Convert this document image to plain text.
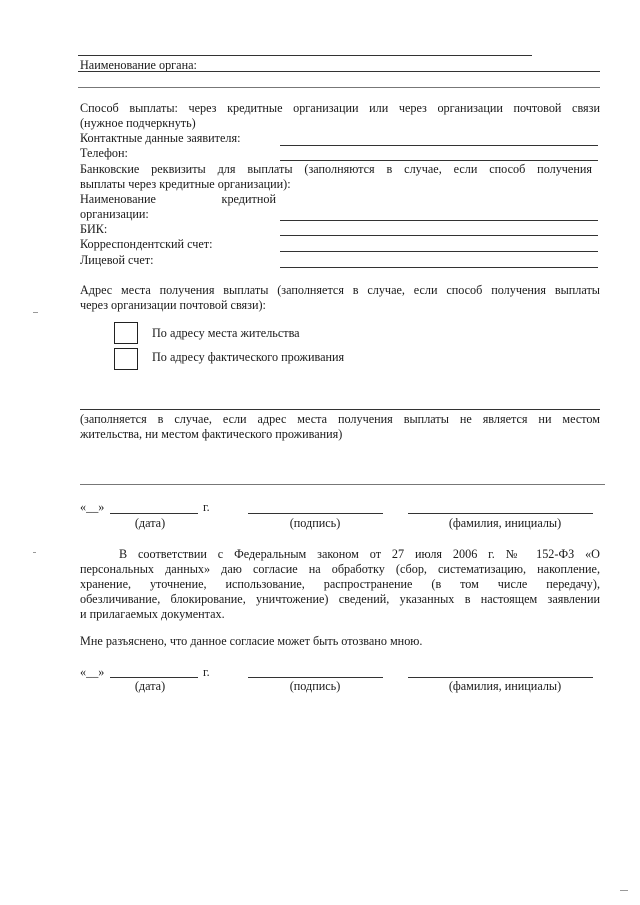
Наименование органа:
Способ выплаты: через кредитные организации или через организации почтовой связи
(нужное подчеркнуть)
Контактные данные заявителя:
Телефон:
Банковские реквизиты для выплаты (заполняются в случае, если способ получения
выплаты через кредитные организации):
Наименование кредитной
организации:
БИК:
Корреспондентский счет:
Лицевой счет:
Адрес места получения выплаты (заполняется в случае, если способ получения выплаты
через организации почтовой связи):
По адресу места жительства
По адресу фактического проживания
(заполняется в случае, если адрес места получения выплаты не является ни местом
жительства, ни местом фактического проживания)
«__»	г.
(дата)	(подпись)	(фамилия, инициалы)
В соответствии с Федеральным законом от 27 июля 2006 г. № 152-ФЗ «О
персональных данных» даю согласие на обработку (сбор, систематизацию, накопление,
хранение, уточнение, использование, распространение (в том числе передачу),
обезличивание, блокирование, уничтожение) сведений, указанных в настоящем заявлении
и прилагаемых документах.
Мне разъяснено, что данное согласие может быть отозвано мною.
«__»	г.
(дата)	(подпись)	(фамилия, инициалы)
